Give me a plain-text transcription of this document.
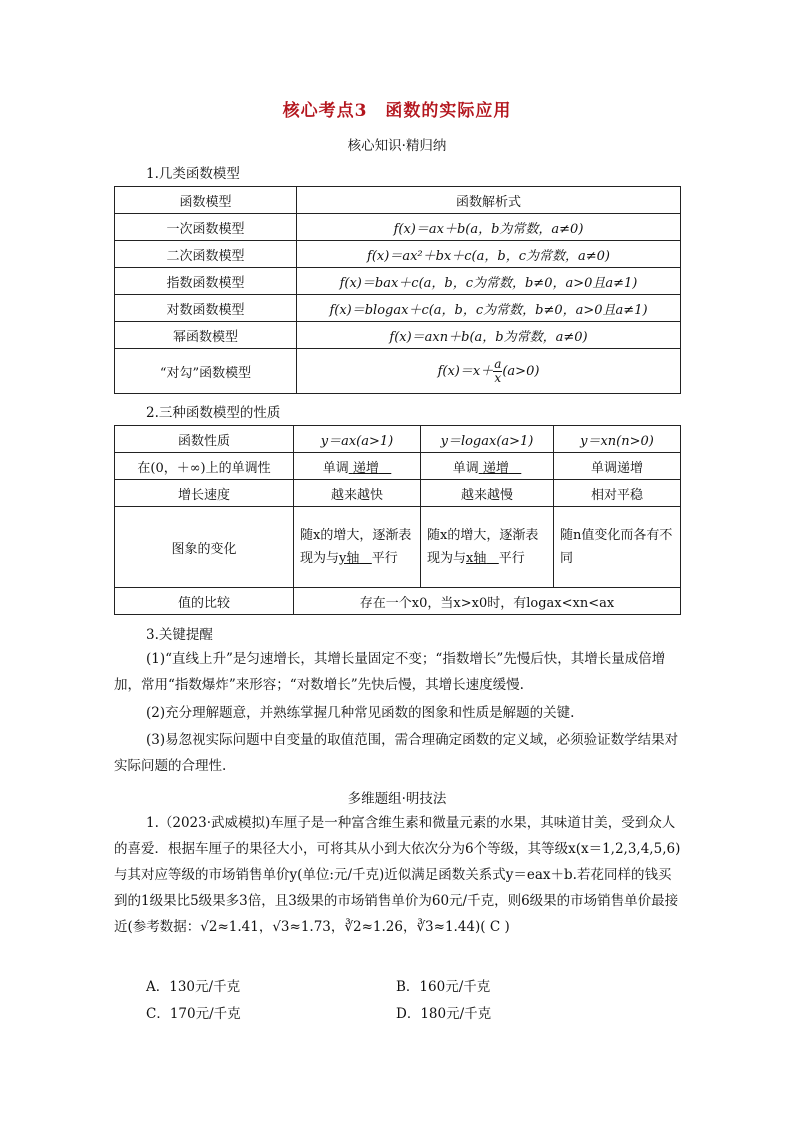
核心考点3　函数的实际应用
核心知识·精归纳
1.几类函数模型
函数模型	函数解析式
一次函数模型	f(x)＝ax＋b(a，b为常数，a≠0)
二次函数模型	f(x)＝ax²＋bx＋c(a，b，c为常数，a≠0)
指数函数模型	f(x)＝bax＋c(a，b，c为常数，b≠0，a>0且a≠1)
对数函数模型	f(x)＝blogax＋c(a，b，c为常数，b≠0，a>0且a≠1)
幂函数模型	f(x)＝axn＋b(a，b为常数，a≠0)
“对勾”函数模型	$f(x)=x+ \frac{a}{x} (a>0)$
2.三种函数模型的性质
函数性质	y＝ax(a>1)	y＝logax(a>1)	y＝xn(n>0)
在(0，＋∞)上的单调性	单调 递增	单调 递增	单调递增
增长速度	越来越快	越来越慢	相对平稳
图象的变化	随x的增大，逐渐表现为与y轴 平行	随x的增大，逐渐表现为与x轴 平行	随n值变化而各有不同
值的比较	存在一个x0，当x>x0时，有logax<xn<ax		
3.关键提醒
(1)“直线上升”是匀速增长，其增长量固定不变；“指数增长”先慢后快，其增长量成倍增加，常用“指数爆炸”来形容；“对数增长”先快后慢，其增长速度缓慢.
(2)充分理解题意，并熟练掌握几种常见函数的图象和性质是解题的关键.
(3)易忽视实际问题中自变量的取值范围，需合理确定函数的定义域，必须验证数学结果对实际问题的合理性.
多维题组·明技法
1.（2023·武威模拟)车厘子是一种富含维生素和微量元素的水果，其味道甘美，受到众人的喜爱．根据车厘子的果径大小，可将其从小到大依次分为6个等级，其等级x(x＝1,2,3,4,5,6)与其对应等级的市场销售单价y(单位:元/千克)近似满足函数关系式y＝eax＋b.若花同样的钱买到的1级果比5级果多3倍，且3级果的市场销售单价为60元/千克，则6级果的市场销售单价最接近(参考数据：√2≈1.41，√3≈1.73，∛2≈1.26，∛3≈1.44)( C )
A．130元/千克	B．160元/千克
C．170元/千克	D．180元/千克
